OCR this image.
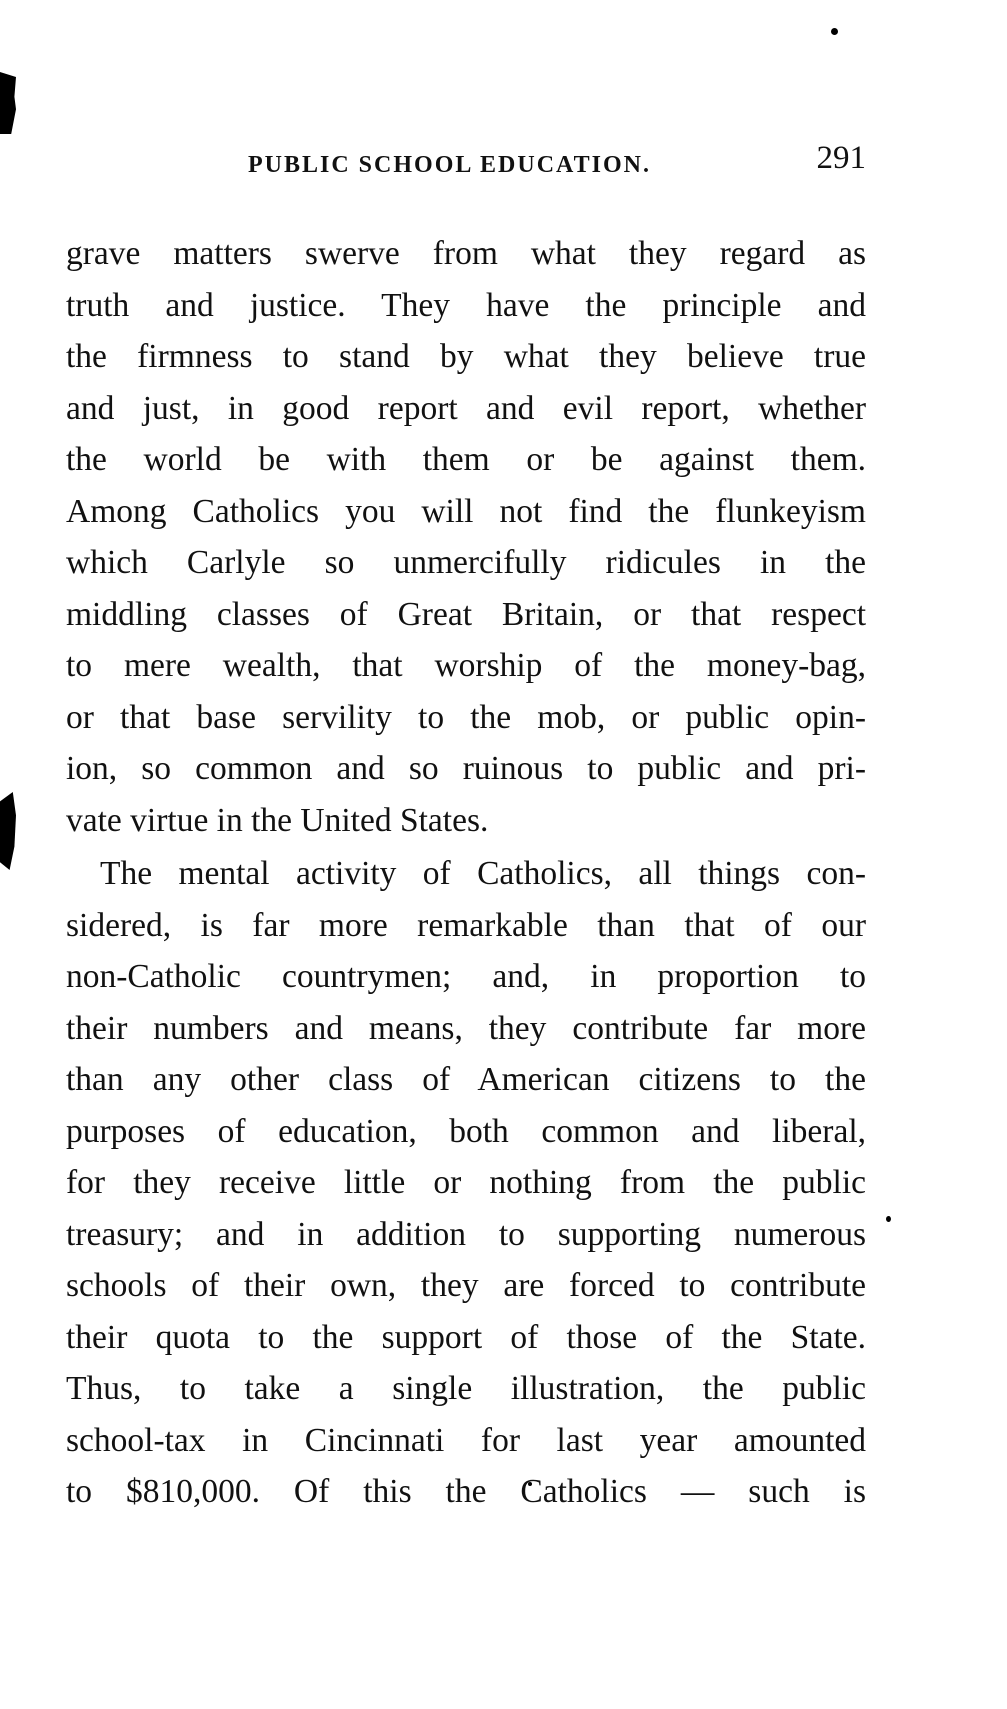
PUBLIC SCHOOL EDUCATION.	291
grave matters swerve from what they regard as
truth and justice. They have the principle and
the firmness to stand by what they believe true
and just, in good report and evil report, whether
the world be with them or be against them.
Among Catholics you will not find the flunkeyism
which Carlyle so unmercifully ridicules in the
middling classes of Great Britain, or that respect
to mere wealth, that worship of the money-bag,
or that base servility to the mob, or public opin-
ion, so common and so ruinous to public and pri-
vate virtue in the United States.
The mental activity of Catholics, all things con-
sidered, is far more remarkable than that of our
non-Catholic countrymen; and, in proportion to
their numbers and means, they contribute far more
than any other class of American citizens to the
purposes of education, both common and liberal,
for they receive little or nothing from the public
treasury; and in addition to supporting numerous
schools of their own, they are forced to contribute
their quota to the support of those of the State.
Thus, to take a single illustration, the public
school-tax in Cincinnati for last year amounted
to $810,000. Of this the Catholics — such is
